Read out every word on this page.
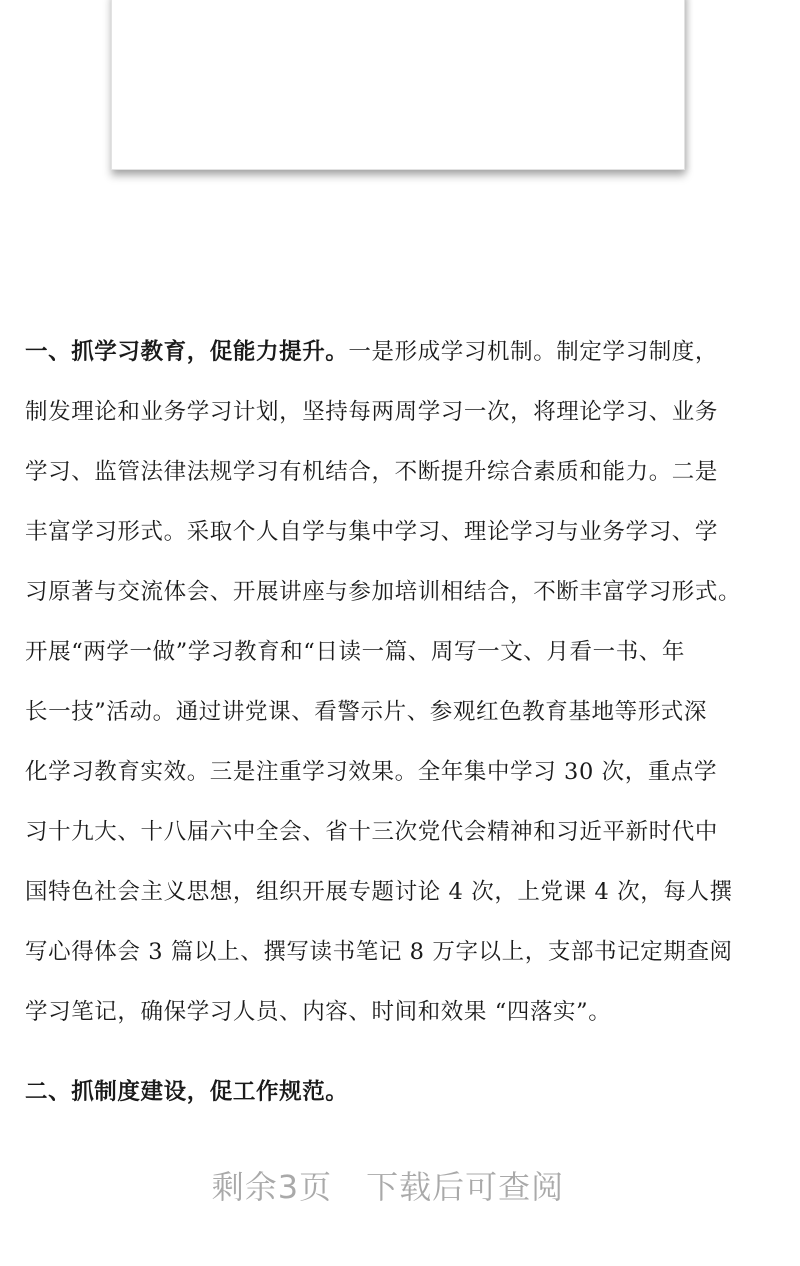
一、抓学习教育，促能力提升。一是形成学习机制。制定学习制度，
制发理论和业务学习计划，坚持每两周学习一次，将理论学习、业务
学习、监管法律法规学习有机结合，不断提升综合素质和能力。二是
丰富学习形式。采取个人自学与集中学习、理论学习与业务学习、学
习原著与交流体会、开展讲座与参加培训相结合，不断丰富学习形式。
开展“两学一做”学习教育和“日读一篇、周写一文、月看一书、年
长一技”活动。通过讲党课、看警示片、参观红色教育基地等形式深
化学习教育实效。三是注重学习效果。全年集中学习 30 次，重点学
习十九大、十八届六中全会、省十三次党代会精神和习近平新时代中
国特色社会主义思想，组织开展专题讨论 4 次，上党课 4 次，每人撰
写心得体会 3 篇以上、撰写读书笔记 8 万字以上，支部书记定期查阅
学习笔记，确保学习人员、内容、时间和效果 “四落实”。

二、抓制度建设，促工作规范。

剩余3页 下载后可查阅
